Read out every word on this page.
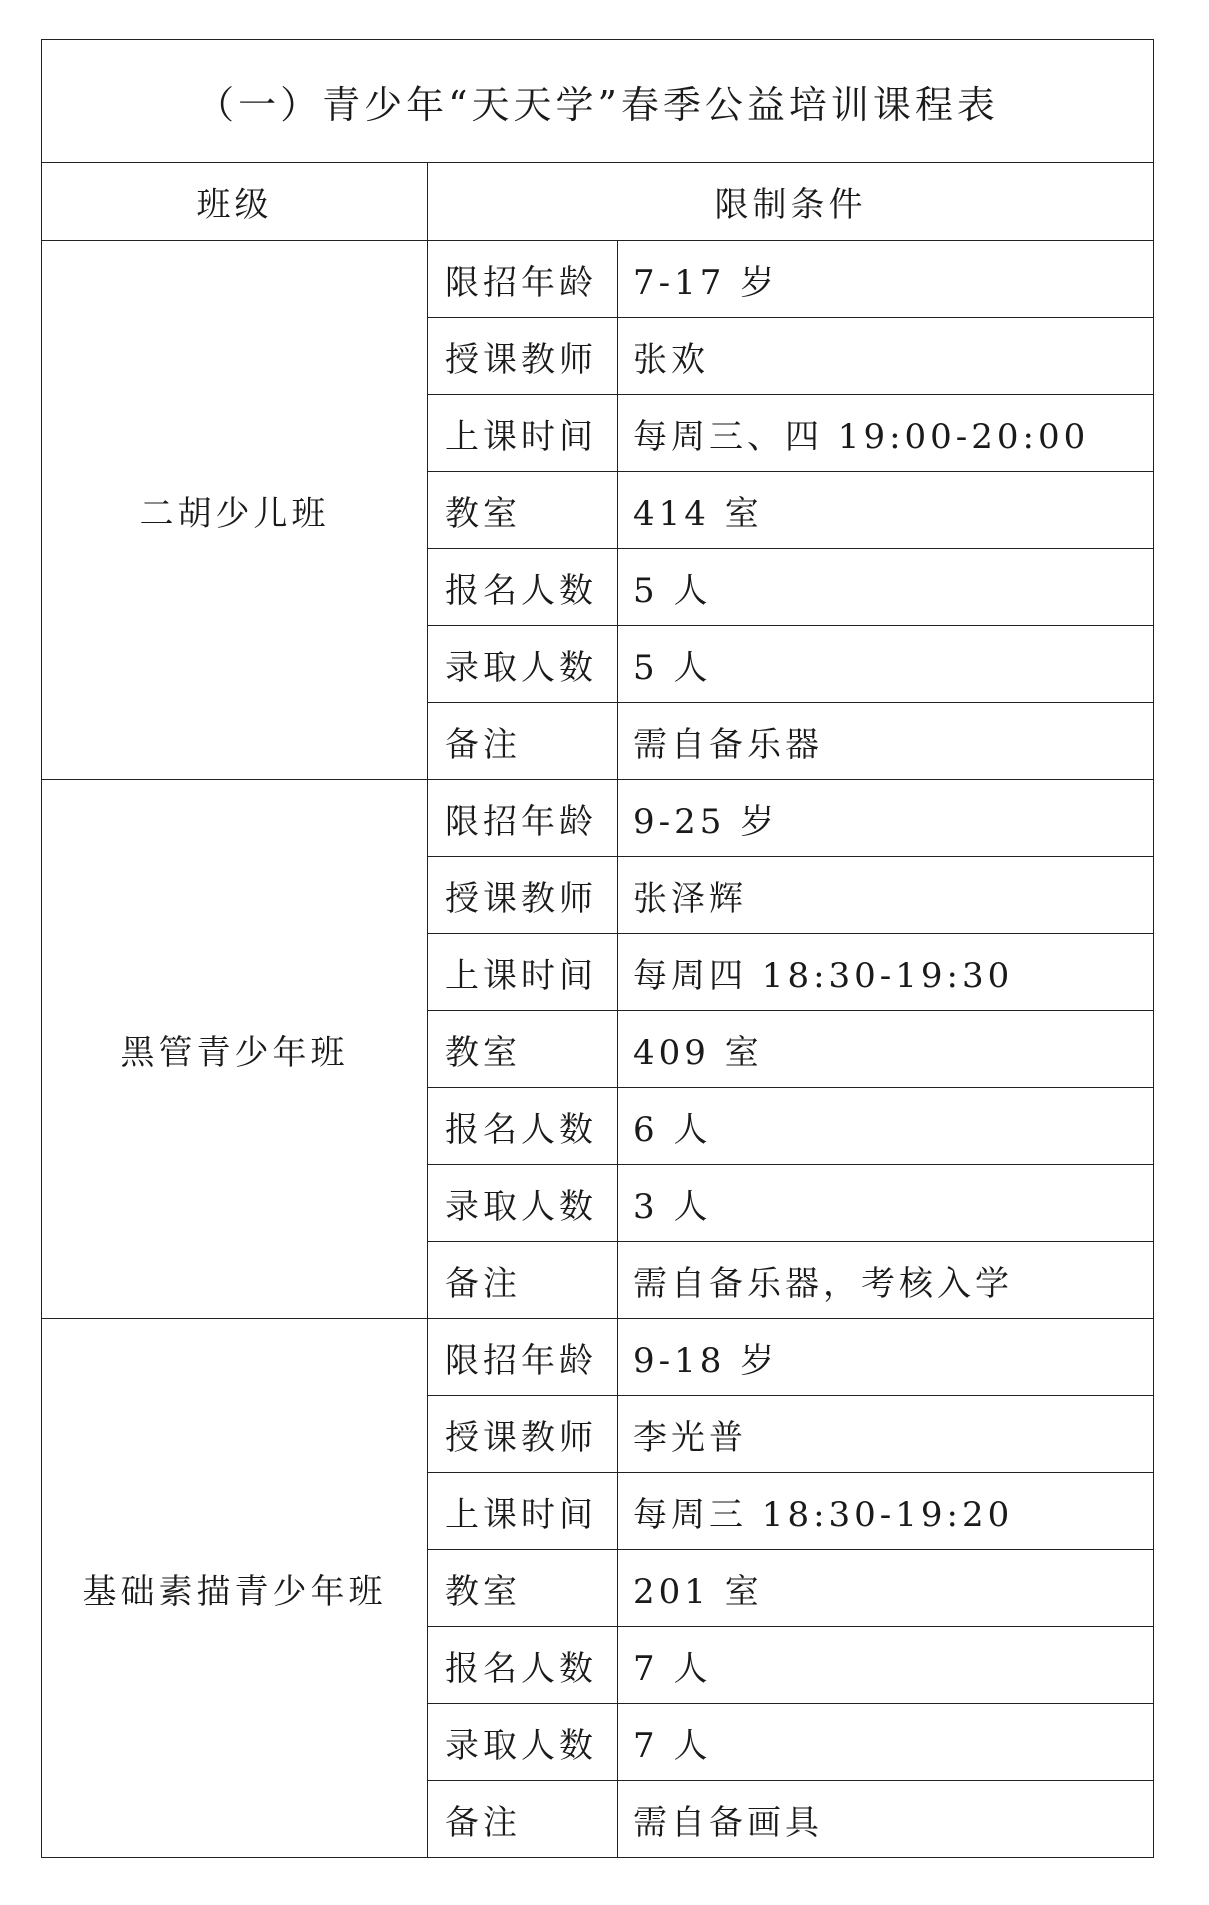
（一）青少年“天天学”春季公益培训课程表		
班级	限制条件	
二胡少儿班	限招年龄	7-17 岁
	授课教师	张欢
	上课时间	每周三、四 19:00-20:00
	教室	414 室
	报名人数	5 人
	录取人数	5 人
	备注	需自备乐器
黑管青少年班	限招年龄	9-25 岁
	授课教师	张泽辉
	上课时间	每周四 18:30-19:30
	教室	409 室
	报名人数	6 人
	录取人数	3 人
	备注	需自备乐器，考核入学
基础素描青少年班	限招年龄	9-18 岁
	授课教师	李光普
	上课时间	每周三 18:30-19:20
	教室	201 室
	报名人数	7 人
	录取人数	7 人
	备注	需自备画具
